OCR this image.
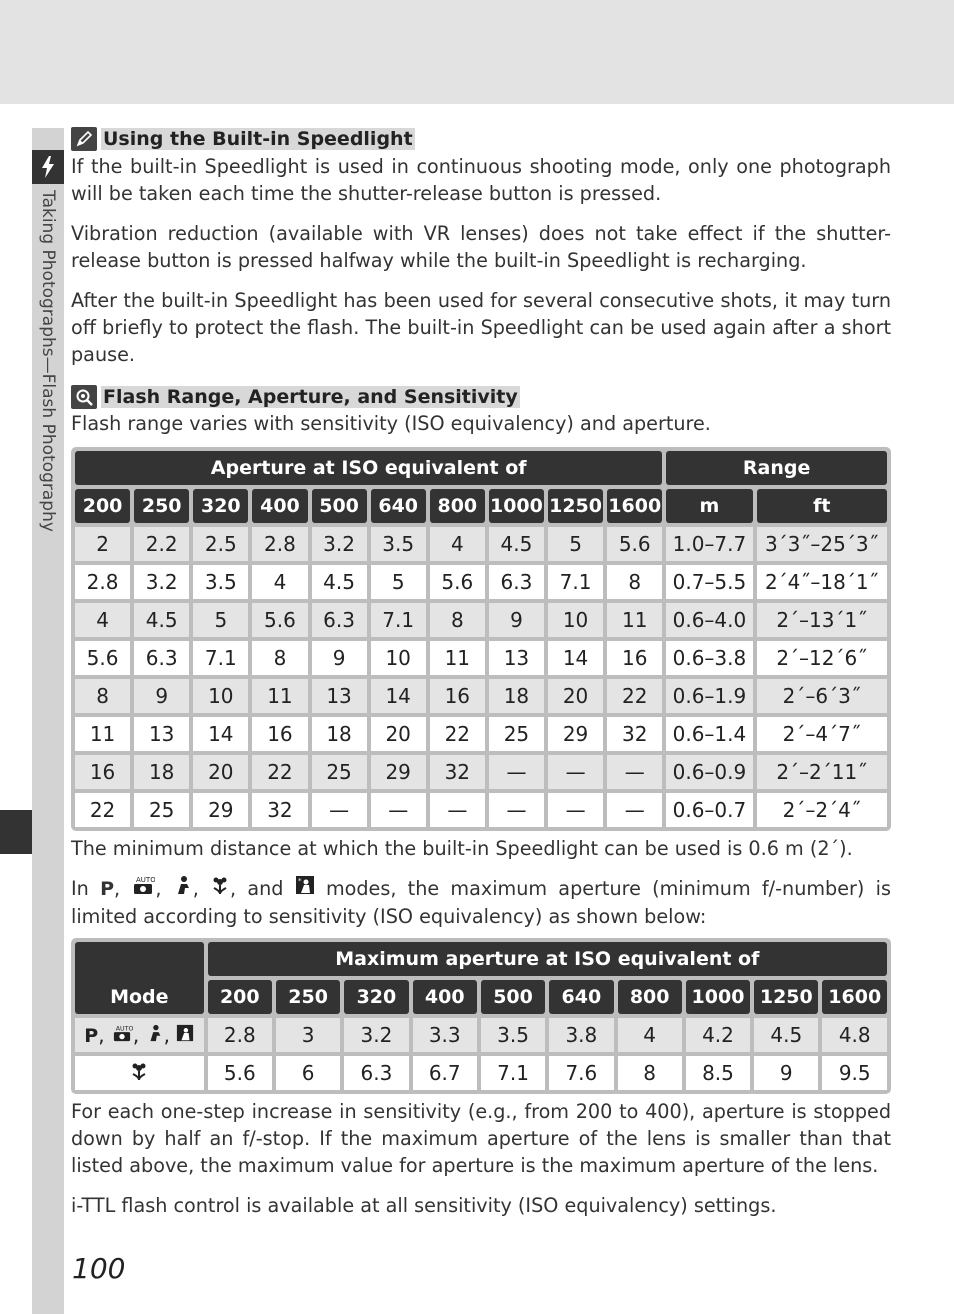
Taking Photographs—Flash Photography
Using the Built-in Speedlight

If the built-in Speedlight is used in continuous shooting mode, only one photograph will be taken each time the shutter-release button is pressed.

Vibration reduction (available with VR lenses) does not take effect if the shutter-release button is pressed halfway while the built-in Speedlight is recharging.

After the built-in Speedlight has been used for several consecutive shots, it may turn off briefly to protect the flash. The built-in Speedlight can be used again after a short pause.

Flash Range, Aperture, and Sensitivity

Flash range varies with sensitivity (ISO equivalency) and aperture.

Aperture at ISO equivalent of										Range	
200	250	320	400	500	640	800	1000	1250	1600	m	ft
2	2.2	2.5	2.8	3.2	3.5	4	4.5	5	5.6	1.0–7.7	3´3˝–25´3˝
2.8	3.2	3.5	4	4.5	5	5.6	6.3	7.1	8	0.7–5.5	2´4˝–18´1˝
4	4.5	5	5.6	6.3	7.1	8	9	10	11	0.6–4.0	2´–13´1˝
5.6	6.3	7.1	8	9	10	11	13	14	16	0.6–3.8	2´–12´6˝
8	9	10	11	13	14	16	18	20	22	0.6–1.9	2´–6´3˝
11	13	14	16	18	20	22	25	29	32	0.6–1.4	2´–4´7˝
16	18	20	22	25	29	32	—	—	—	0.6–0.9	2´–2´11˝
22	25	29	32	—	—	—	—	—	—	0.6–0.7	2´–2´4˝

The minimum distance at which the built-in Speedlight can be used is 0.6 m (2´).

In P, AUTO , , , and * modes, the maximum aperture (minimum f/-number) is limited according to sensitivity (ISO equivalency) as shown below:

Mode	Maximum aperture at ISO equivalent of									
	200	250	320	400	500	640	800	1000	1250	1600
P, AUTO , ,	2.8	3	3.2	3.3	3.5	3.8	4	4.2	4.5	4.8
	5.6	6	6.3	6.7	7.1	7.6	8	8.5	9	9.5

For each one-step increase in sensitivity (e.g., from 200 to 400), aperture is stopped down by half an f/-stop. If the maximum aperture of the lens is smaller than that listed above, the maximum value for aperture is the maximum aperture of the lens.

i-TTL flash control is available at all sensitivity (ISO equivalency) settings.

100
